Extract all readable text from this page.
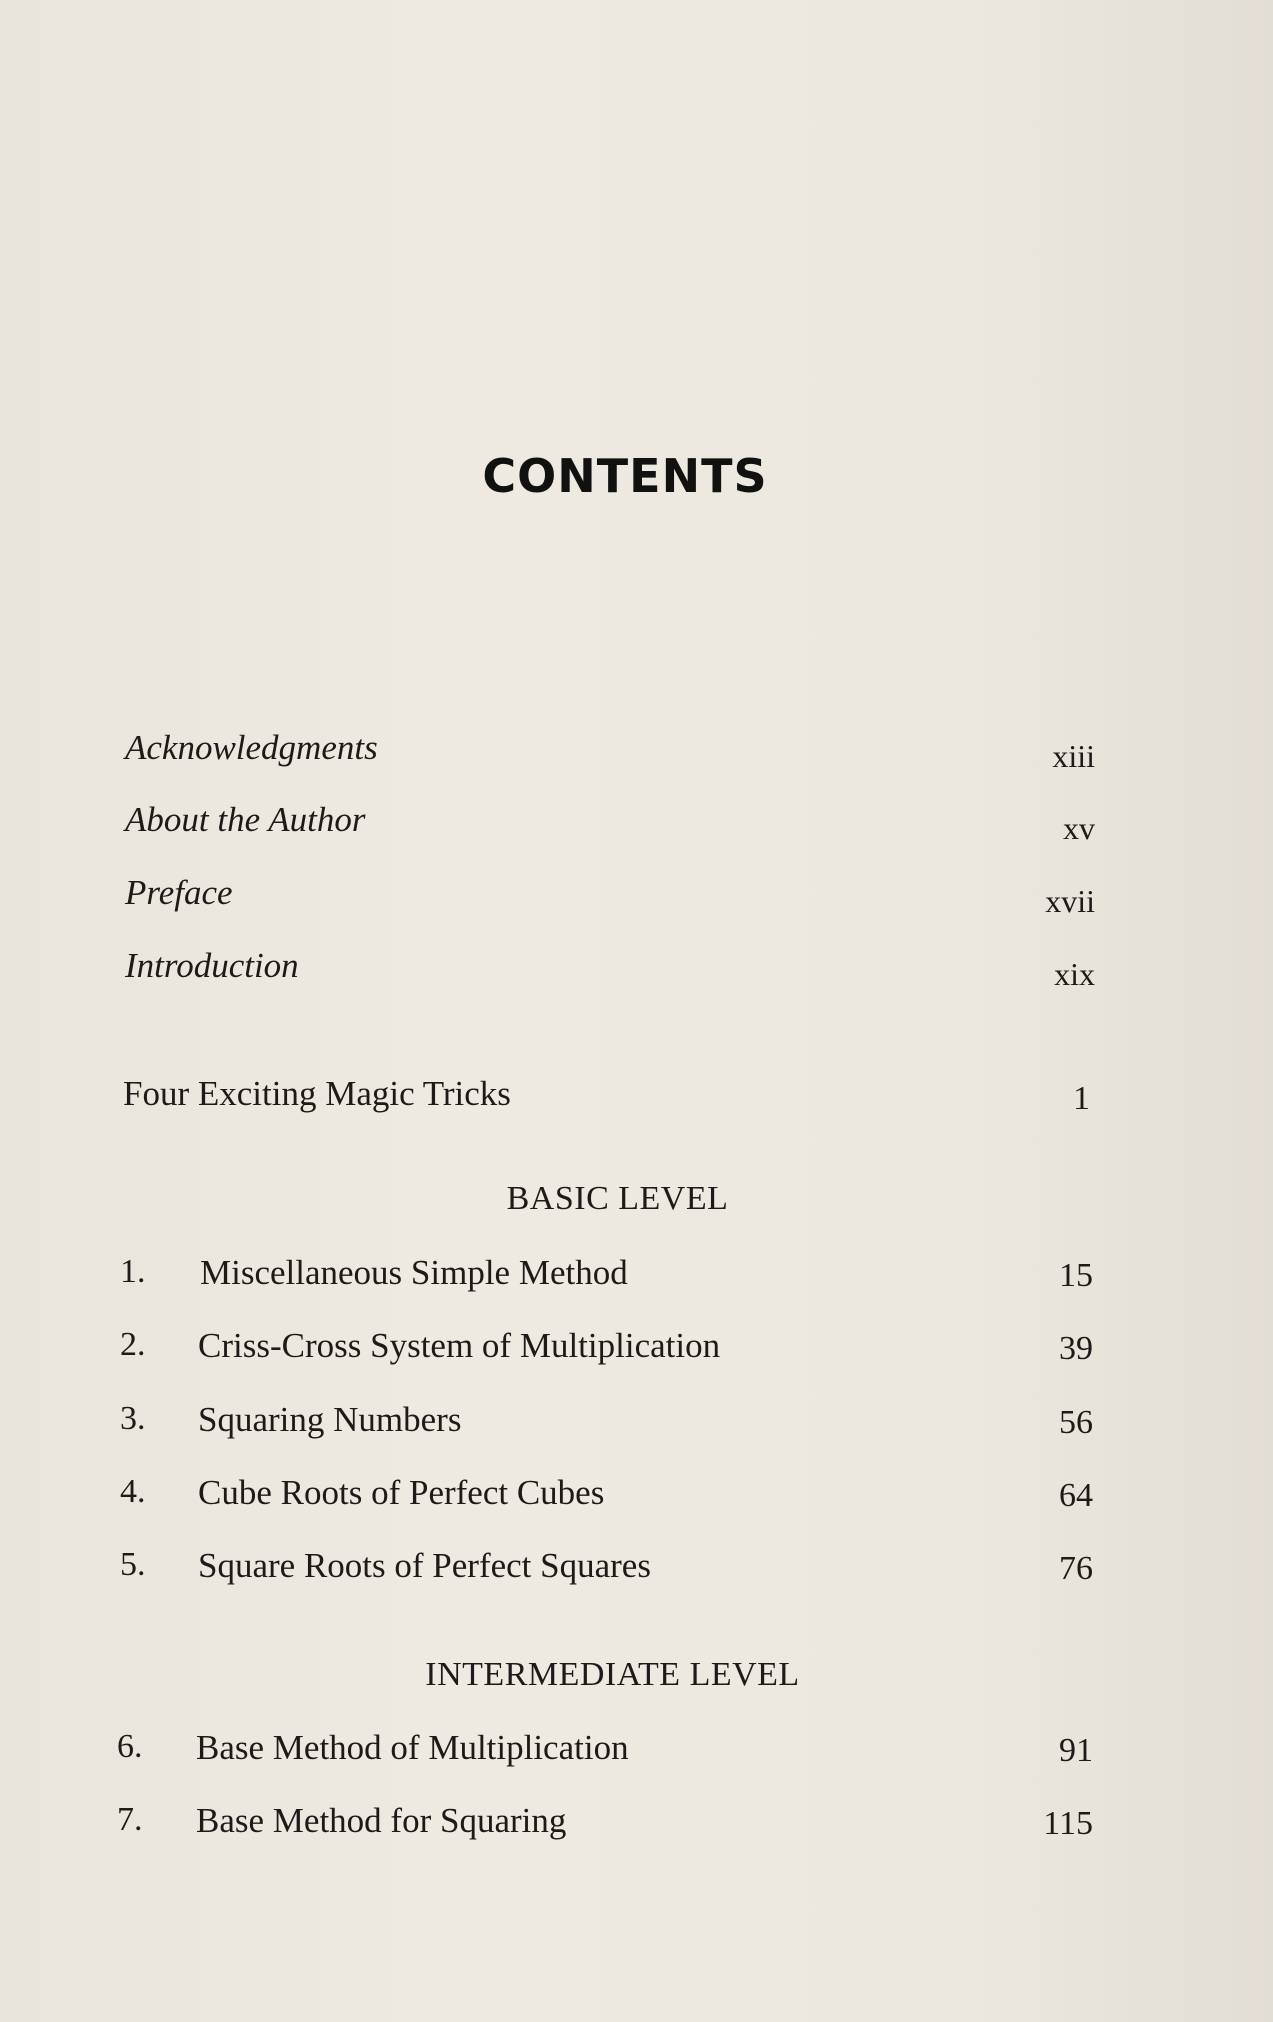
CONTENTS
Acknowledgments	xiii
About the Author	xv
Preface	xvii
Introduction	xix
Four Exciting Magic Tricks	1
BASIC LEVEL
1. Miscellaneous Simple Method	15
2. Criss-Cross System of Multiplication	39
3. Squaring Numbers	56
4. Cube Roots of Perfect Cubes	64
5. Square Roots of Perfect Squares	76
INTERMEDIATE LEVEL
6. Base Method of Multiplication	91
7. Base Method for Squaring	115
